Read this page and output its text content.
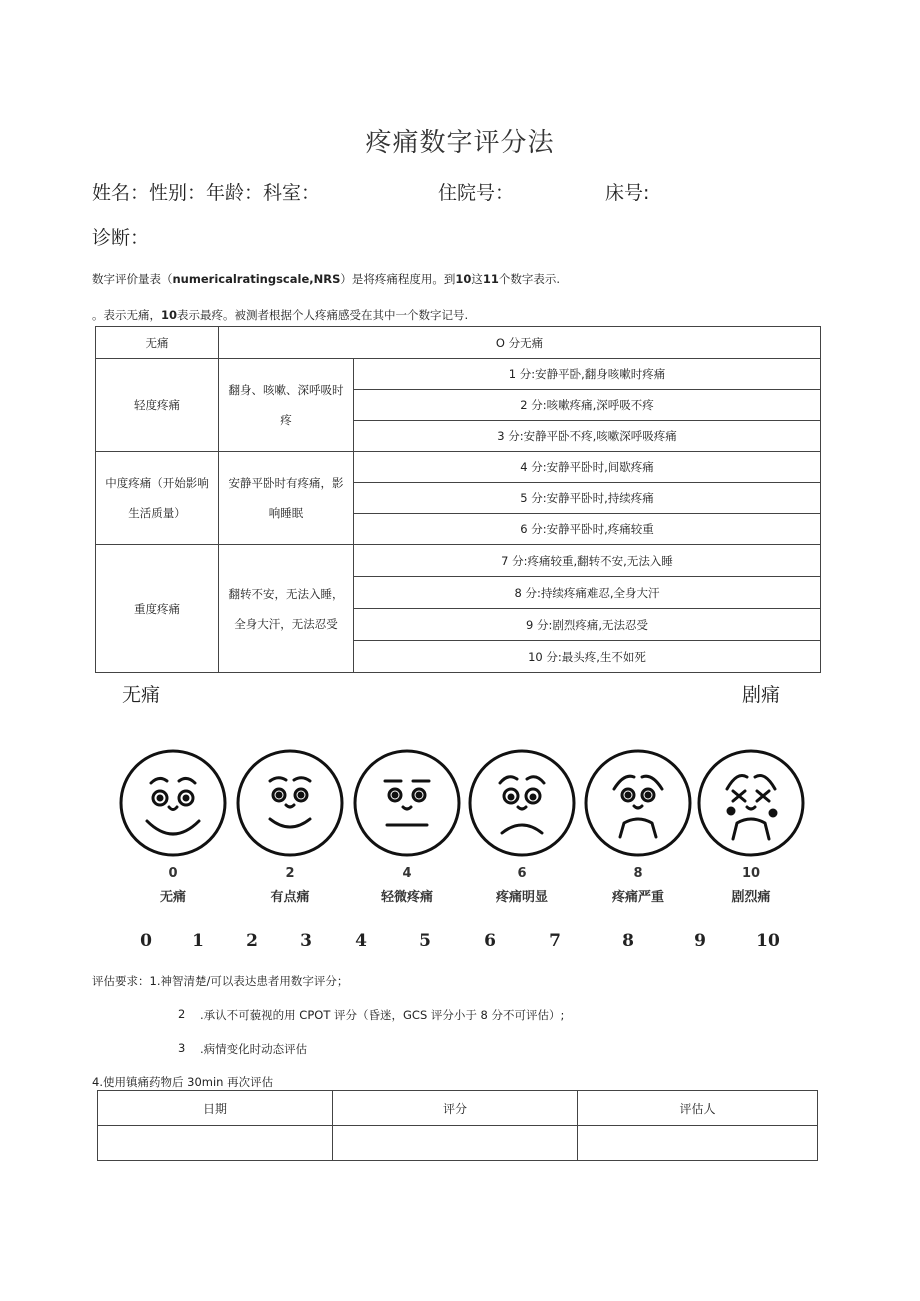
疼痛数字评分法
姓名：性别：年龄：科室：	住院号：	床号:
诊断：
数字评价量表（numericalratingscale,NRS）是将疼痛程度用。到10这11个数字表示.
。表示无痛，10表示最疼。被测者根据个人疼痛感受在其中一个数字记号.
无痛	O 分无痛	
轻度疼痛	翻身、咳嗽、深呼吸时疼	1 分:安静平卧,翻身咳嗽时疼痛
		2 分:咳嗽疼痛,深呼吸不疼
		3 分:安静平卧不疼,咳嗽深呼吸疼痛
中度疼痛（开始影响生活质量）	安静平卧时有疼痛，影响睡眠	4 分:安静平卧时,间歇疼痛
		5 分:安静平卧时,持续疼痛
		6 分:安静平卧时,疼痛较重
重度疼痛	翻转不安，无法入睡，全身大汗，无法忍受	7 分:疼痛较重,翻转不安,无法入睡
		8 分:持续疼痛难忍,全身大汗
		9 分:剧烈疼痛,无法忍受
		10 分:最头疼,生不如死
无痛	剧痛
0
无痛
2
有点痛
4
轻微疼痛
6
疼痛明显
8
疼痛严重
10
剧烈痛
0	1	2	3	4	5	6	7	8	9	10
评估要求：1.神智清楚/可以表达患者用数字评分；
2 .承认不可藐视的用 CPOT 评分（昏迷，GCS 评分小于 8 分不可评估）;
3 .病情变化时动态评估
4.使用镇痛药物后 30min 再次评估
日期	评分	评估人
